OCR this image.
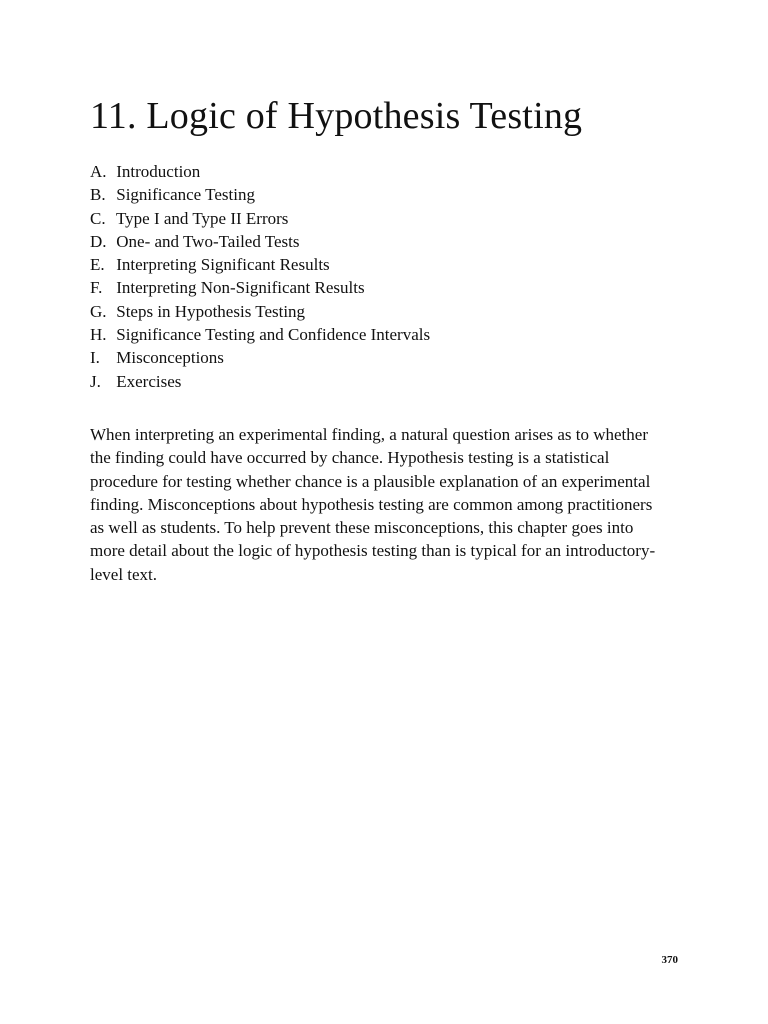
11. Logic of Hypothesis Testing
A. Introduction
B. Significance Testing
C. Type I and Type II Errors
D. One- and Two-Tailed Tests
E. Interpreting Significant Results
F. Interpreting Non-Significant Results
G. Steps in Hypothesis Testing
H. Significance Testing and Confidence Intervals
I. Misconceptions
J. Exercises

When interpreting an experimental finding, a natural question arises as to whether
the finding could have occurred by chance. Hypothesis testing is a statistical
procedure for testing whether chance is a plausible explanation of an experimental
finding. Misconceptions about hypothesis testing are common among practitioners
as well as students. To help prevent these misconceptions, this chapter goes into
more detail about the logic of hypothesis testing than is typical for an introductory-
level text.

370
